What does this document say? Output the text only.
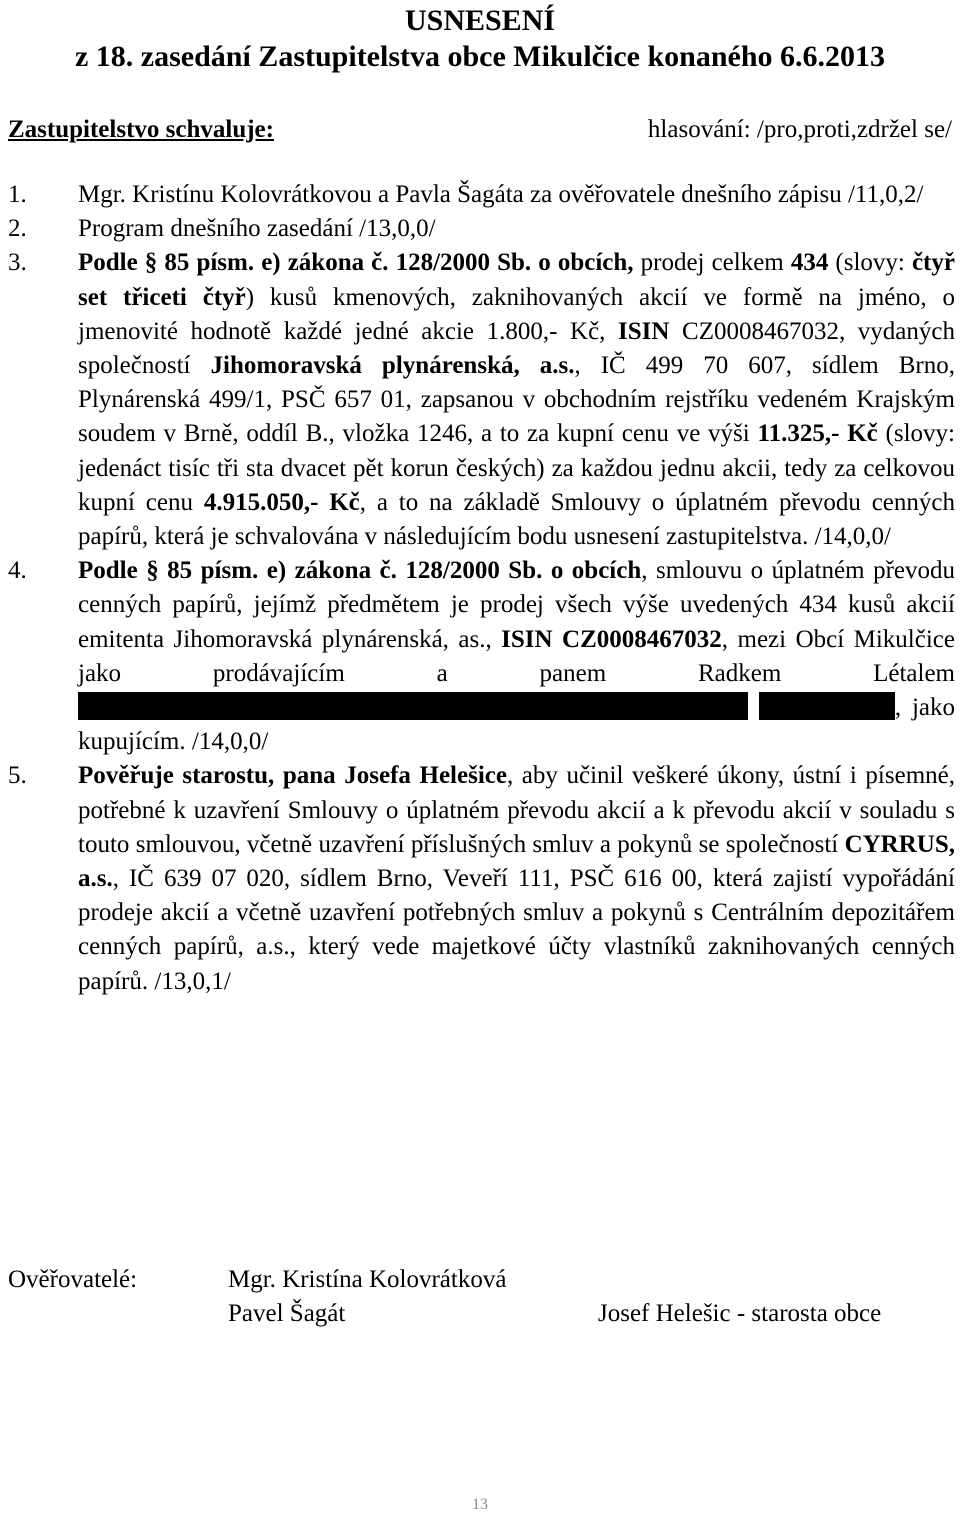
USNESENÍ
z 18. zasedání Zastupitelstva obce Mikulčice konaného 6.6.2013
Zastupitelstvo schvaluje:	hlasování: /pro,proti,zdržel se/
1.	Mgr. Kristínu Kolovrátkovou a Pavla Šagáta za ověřovatele dnešního zápisu /11,0,2/
2.	Program dnešního zasedání /13,0,0/
3.	Podle § 85 písm. e) zákona č. 128/2000 Sb. o obcích, prodej celkem 434 (slovy: čtyř set třiceti čtyř) kusů kmenových, zaknihovaných akcií ve formě na jméno, o jmenovité hodnotě každé jedné akcie 1.800,- Kč, ISIN CZ0008467032, vydaných společností Jihomoravská plynárenská, a.s., IČ 499 70 607, sídlem Brno, Plynárenská 499/1, PSČ 657 01, zapsanou v obchodním rejstříku vedeném Krajským soudem v Brně, oddíl B., vložka 1246, a to za kupní cenu ve výši 11.325,- Kč (slovy: jedenáct tisíc tři sta dvacet pět korun českých) za každou jednu akcii, tedy za celkovou kupní cenu 4.915.050,- Kč, a to na základě Smlouvy o úplatném převodu cenných papírů, která je schvalována v následujícím bodu usnesení zastupitelstva. /14,0,0/
4.	Podle § 85 písm. e) zákona č. 128/2000 Sb. o obcích, smlouvu o úplatném převodu cenných papírů, jejímž předmětem je prodej všech výše uvedených 434 kusů akcií emitenta Jihomoravská plynárenská, as., ISIN CZ0008467032, mezi Obcí Mikulčice jako prodávajícím a panem Radkem Létalem , jako kupujícím. /14,0,0/
5.	Pověřuje starostu, pana Josefa Helešice, aby učinil veškeré úkony, ústní i písemné, potřebné k uzavření Smlouvy o úplatném převodu akcií a k převodu akcií v souladu s touto smlouvou, včetně uzavření příslušných smluv a pokynů se společností CYRRUS, a.s., IČ 639 07 020, sídlem Brno, Veveří 111, PSČ 616 00, která zajistí vypořádání prodeje akcií a včetně uzavření potřebných smluv a pokynů s Centrálním depozitářem cenných papírů, a.s., který vede majetkové účty vlastníků zaknihovaných cenných papírů. /13,0,1/
Ověřovatelé:	Mgr. Kristína Kolovrátková
Pavel Šagát	Josef Helešic - starosta obce
13
